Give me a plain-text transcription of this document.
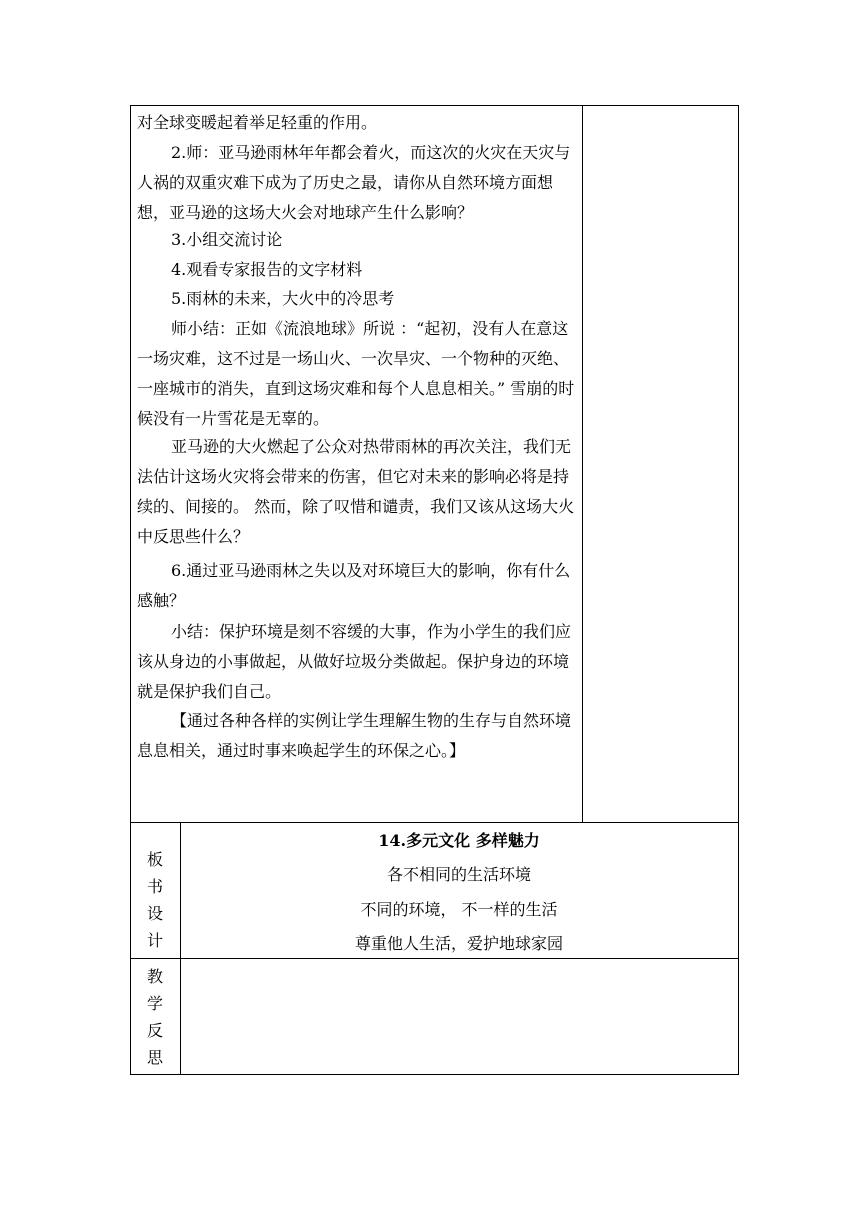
对全球变暖起着举足轻重的作用。
2.师：亚马逊雨林年年都会着火，而这次的火灾在天灾与人祸的双重灾难下成为了历史之最，请你从自然环境方面想想，亚马逊的这场大火会对地球产生什么影响？
3.小组交流讨论
4.观看专家报告的文字材料
5.雨林的未来，大火中的冷思考
师小结：正如《流浪地球》所说 ：“起初，没有人在意这一场灾难，这不过是一场山火、一次旱灾、一个物种的灭绝、一座城市的消失，直到这场灾难和每个人息息相关。” 雪崩的时候没有一片雪花是无辜的。
亚马逊的大火燃起了公众对热带雨林的再次关注，我们无法估计这场火灾将会带来的伤害，但它对未来的影响必将是持续的、间接的。 然而，除了叹惜和谴责，我们又该从这场大火中反思些什么？
6.通过亚马逊雨林之失以及对环境巨大的影响，你有什么感触？
小结：保护环境是刻不容缓的大事，作为小学生的我们应该从身边的小事做起，从做好垃圾分类做起。保护身边的环境就是保护我们自己。
【通过各种各样的实例让学生理解生物的生存与自然环境息息相关，通过时事来唤起学生的环保之心。】
板
书
设
计
14.多元文化 多样魅力
各不相同的生活环境
不同的环境， 不一样的生活
尊重他人生活，爱护地球家园
教
学
反
思
